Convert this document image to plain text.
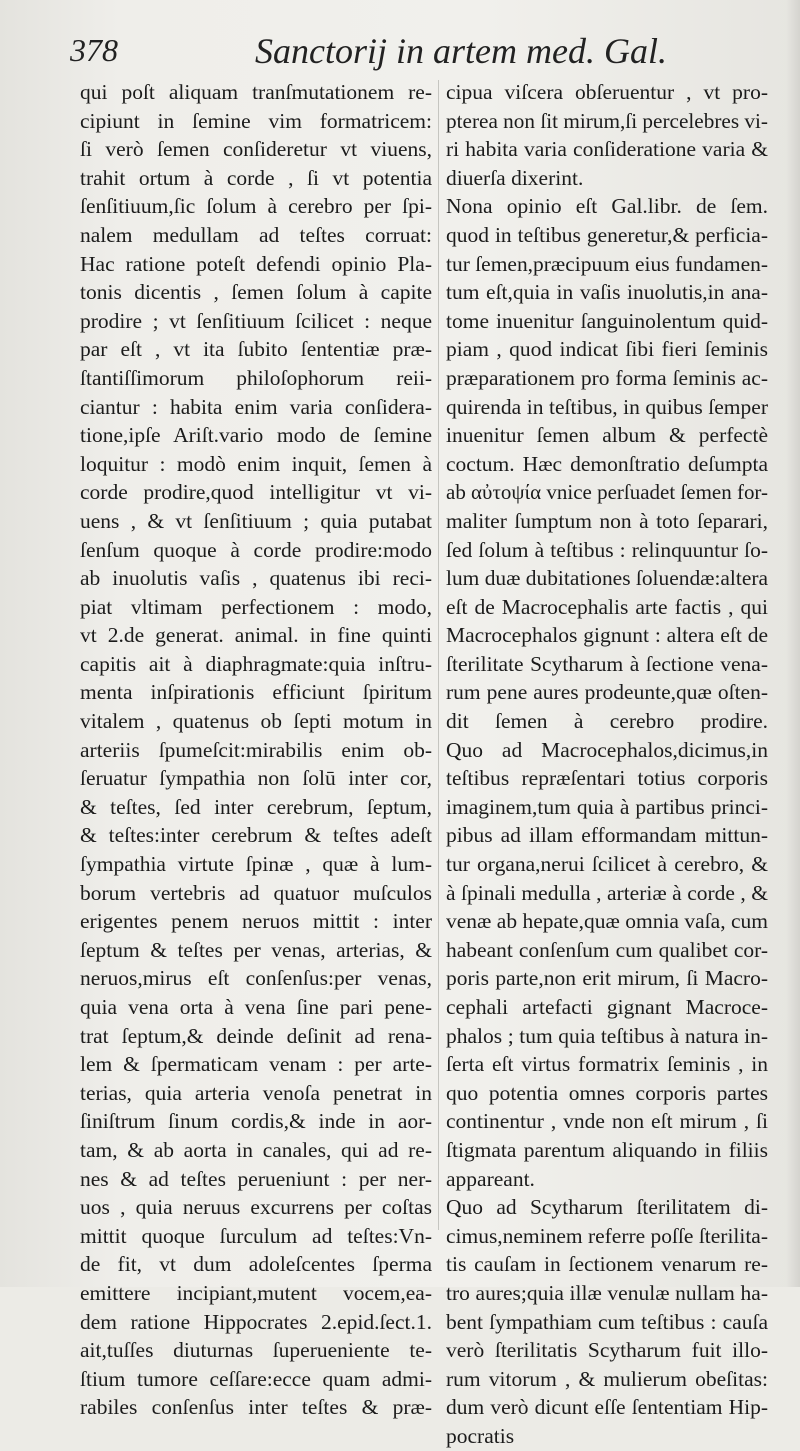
378	Sanctorij in artem med. Gal.
qui poſt aliquam tranſmutationem re-
cipiunt in ſemine vim formatricem:
ſi verò ſemen conſideretur vt viuens,
trahit ortum à corde , ſi vt potentia
ſenſitiuum,ſic ſolum à cerebro per ſpi-
nalem medullam ad teſtes corruat:
Hac ratione poteſt defendi opinio Pla-
tonis dicentis , ſemen ſolum à capite
prodire ; vt ſenſitiuum ſcilicet : neque
par eſt , vt ita ſubito ſententiæ præ-
ſtantiſſimorum philoſophorum reii-
ciantur : habita enim varia conſidera-
tione,ipſe Ariſt.vario modo de ſemine
loquitur : modò enim inquit, ſemen à
corde prodire,quod intelligitur vt vi-
uens , & vt ſenſitiuum ; quia putabat
ſenſum quoque à corde prodire:modo
ab inuolutis vaſis , quatenus ibi reci-
piat vltimam perfectionem : modo,
vt 2.de generat. animal. in fine quinti
capitis ait à diaphragmate:quia inſtru-
menta inſpirationis efficiunt ſpiritum
vitalem , quatenus ob ſepti motum in
arteriis ſpumeſcit:mirabilis enim ob-
ſeruatur ſympathia non ſolū inter cor,
& teſtes, ſed inter cerebrum, ſeptum,
& teſtes:inter cerebrum & teſtes adeſt
ſympathia virtute ſpinæ , quæ à lum-
borum vertebris ad quatuor muſculos
erigentes penem neruos mittit : inter
ſeptum & teſtes per venas, arterias, &
neruos,mirus eſt conſenſus:per venas,
quia vena orta à vena ſine pari pene-
trat ſeptum,& deinde deſinit ad rena-
lem & ſpermaticam venam : per arte-
terias, quia arteria venoſa penetrat in
ſiniſtrum ſinum cordis,& inde in aor-
tam, & ab aorta in canales, qui ad re-
nes & ad teſtes perueniunt : per ner-
uos , quia neruus excurrens per coſtas
mittit quoque ſurculum ad teſtes:Vn-
de fit, vt dum adoleſcentes ſperma
emittere incipiant,mutent vocem,ea-
dem ratione Hippocrates 2.epid.ſect.1.
ait,tuſſes diuturnas ſuperueniente te-
ſtium tumore ceſſare:ecce quam admi-
rabiles conſenſus inter teſtes & præ-
cipua viſcera obſeruentur , vt pro-
pterea non ſit mirum,ſi percelebres vi-
ri habita varia conſideratione varia &
diuerſa dixerint.
Nona opinio eſt Gal.libr. de ſem.
quod in teſtibus generetur,& perficia-
tur ſemen,præcipuum eius fundamen-
tum eſt,quia in vaſis inuolutis,in ana-
tome inuenitur ſanguinolentum quid-
piam , quod indicat ſibi fieri ſeminis
præparationem pro forma ſeminis ac-
quirenda in teſtibus, in quibus ſemper
inuenitur ſemen album & perfectè
coctum. Hæc demonſtratio deſumpta
ab αὐτοψία vnice perſuadet ſemen for-
maliter ſumptum non à toto ſeparari,
ſed ſolum à teſtibus : relinquuntur ſo-
lum duæ dubitationes ſoluendæ:altera
eſt de Macrocephalis arte factis , qui
Macrocephalos gignunt : altera eſt de
ſterilitate Scytharum à ſectione vena-
rum pene aures prodeunte,quæ oſten-
dit ſemen à cerebro prodire.
Quo ad Macrocephalos,dicimus,in
teſtibus repræſentari totius corporis
imaginem,tum quia à partibus princi-
pibus ad illam efformandam mittun-
tur organa,nerui ſcilicet à cerebro, &
à ſpinali medulla , arteriæ à corde , &
venæ ab hepate,quæ omnia vaſa, cum
habeant conſenſum cum qualibet cor-
poris parte,non erit mirum, ſi Macro-
cephali artefacti gignant Macroce-
phalos ; tum quia teſtibus à natura in-
ſerta eſt virtus formatrix ſeminis , in
quo potentia omnes corporis partes
continentur , vnde non eſt mirum , ſi
ſtigmata parentum aliquando in filiis
appareant.
Quo ad Scytharum ſterilitatem di-
cimus,neminem referre poſſe ſterilita-
tis cauſam in ſectionem venarum re-
tro aures;quia illæ venulæ nullam ha-
bent ſympathiam cum teſtibus : cauſa
verò ſterilitatis Scytharum fuit illo-
rum vitorum , & mulierum obeſitas:
dum verò dicunt eſſe ſententiam Hip-
pocratis
